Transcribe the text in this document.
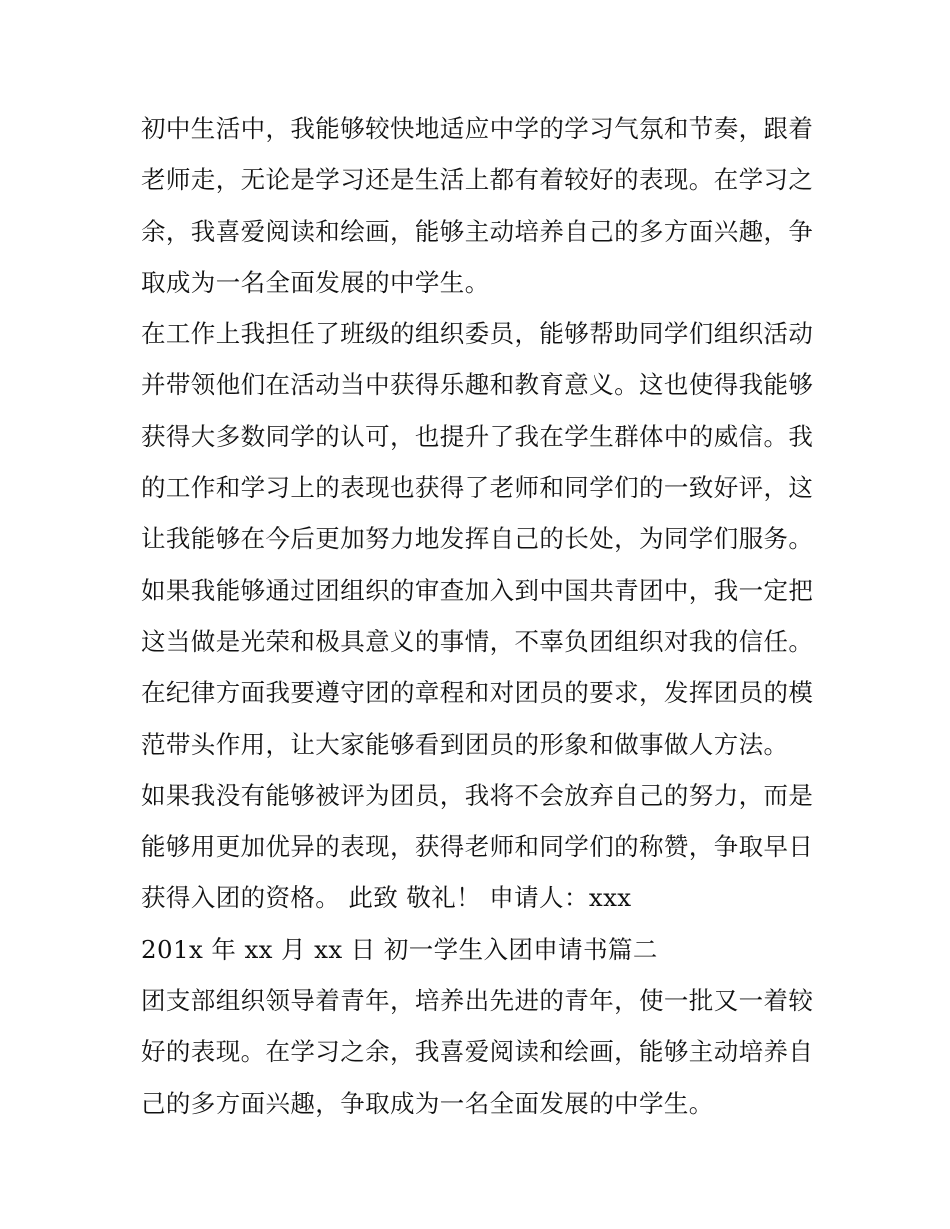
初中生活中，我能够较快地适应中学的学习气氛和节奏，跟着
老师走，无论是学习还是生活上都有着较好的表现。在学习之
余，我喜爱阅读和绘画，能够主动培养自己的多方面兴趣，争
取成为一名全面发展的中学生。
在工作上我担任了班级的组织委员，能够帮助同学们组织活动
并带领他们在活动当中获得乐趣和教育意义。这也使得我能够
获得大多数同学的认可，也提升了我在学生群体中的威信。我
的工作和学习上的表现也获得了老师和同学们的一致好评，这
让我能够在今后更加努力地发挥自己的长处，为同学们服务。
如果我能够通过团组织的审查加入到中国共青团中，我一定把
这当做是光荣和极具意义的事情，不辜负团组织对我的信任。
在纪律方面我要遵守团的章程和对团员的要求，发挥团员的模
范带头作用，让大家能够看到团员的形象和做事做人方法。
如果我没有能够被评为团员，我将不会放弃自己的努力，而是
能够用更加优异的表现，获得老师和同学们的称赞，争取早日
获得入团的资格。 此致 敬礼！ 申请人：xxx
201x 年 xx 月 xx 日 初一学生入团申请书篇二
团支部组织领导着青年，培养出先进的青年，使一批又一着较
好的表现。在学习之余，我喜爱阅读和绘画，能够主动培养自
己的多方面兴趣，争取成为一名全面发展的中学生。
